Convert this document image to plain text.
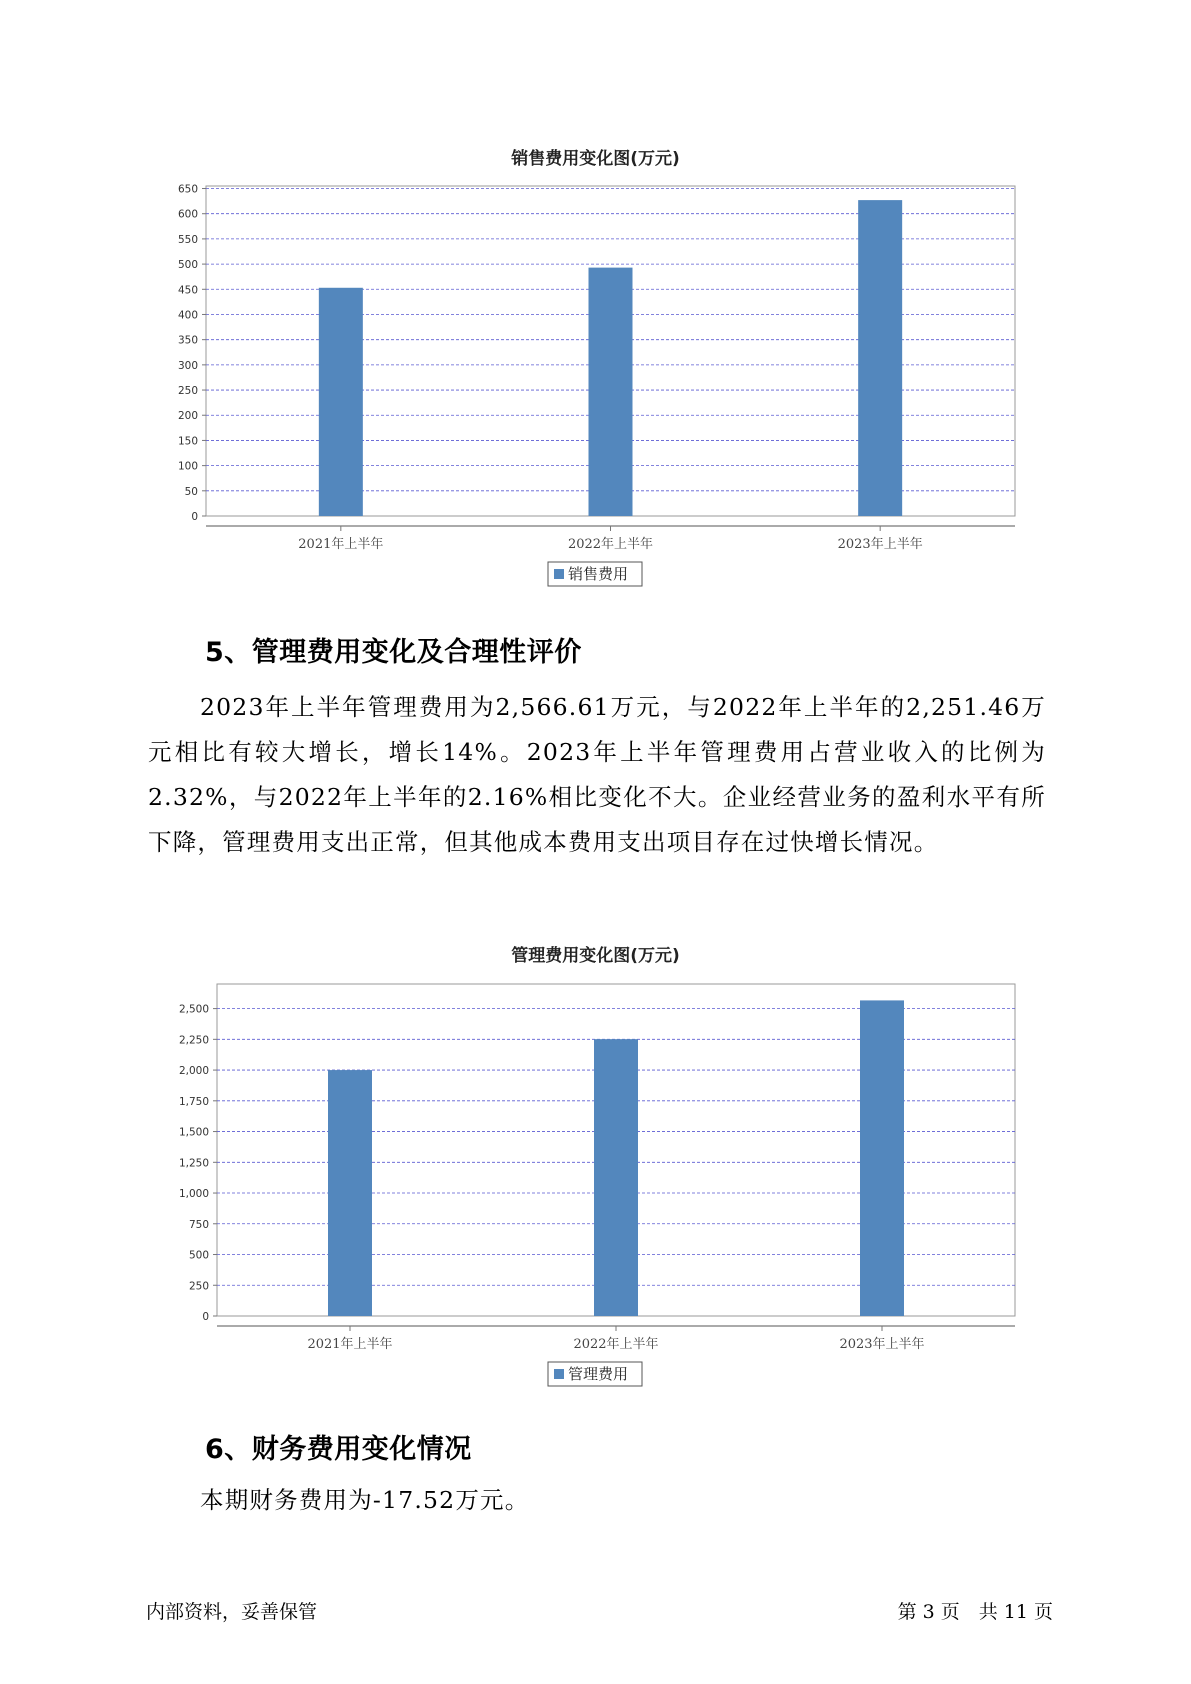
销售费用变化图(万元)
0
50
100
150
200
250
300
350
400
450
500
550
600
650
2021年上半年	2022年上半年	2023年上半年
销售费用
5、管理费用变化及合理性评价
2023年上半年管理费用为2,566.61万元，与2022年上半年的2,251.46万元相比有较大增长，增长14%。2023年上半年管理费用占营业收入的比例为2.32%，与2022年上半年的2.16%相比变化不大。企业经营业务的盈利水平有所下降，管理费用支出正常，但其他成本费用支出项目存在过快增长情况。
管理费用变化图(万元)
0
250
500
750
1,000
1,250
1,500
1,750
2,000
2,250
2,500
2021年上半年	2022年上半年	2023年上半年
管理费用
6、财务费用变化情况
本期财务费用为-17.52万元。
内部资料，妥善保管	第 3 页　共 11 页
